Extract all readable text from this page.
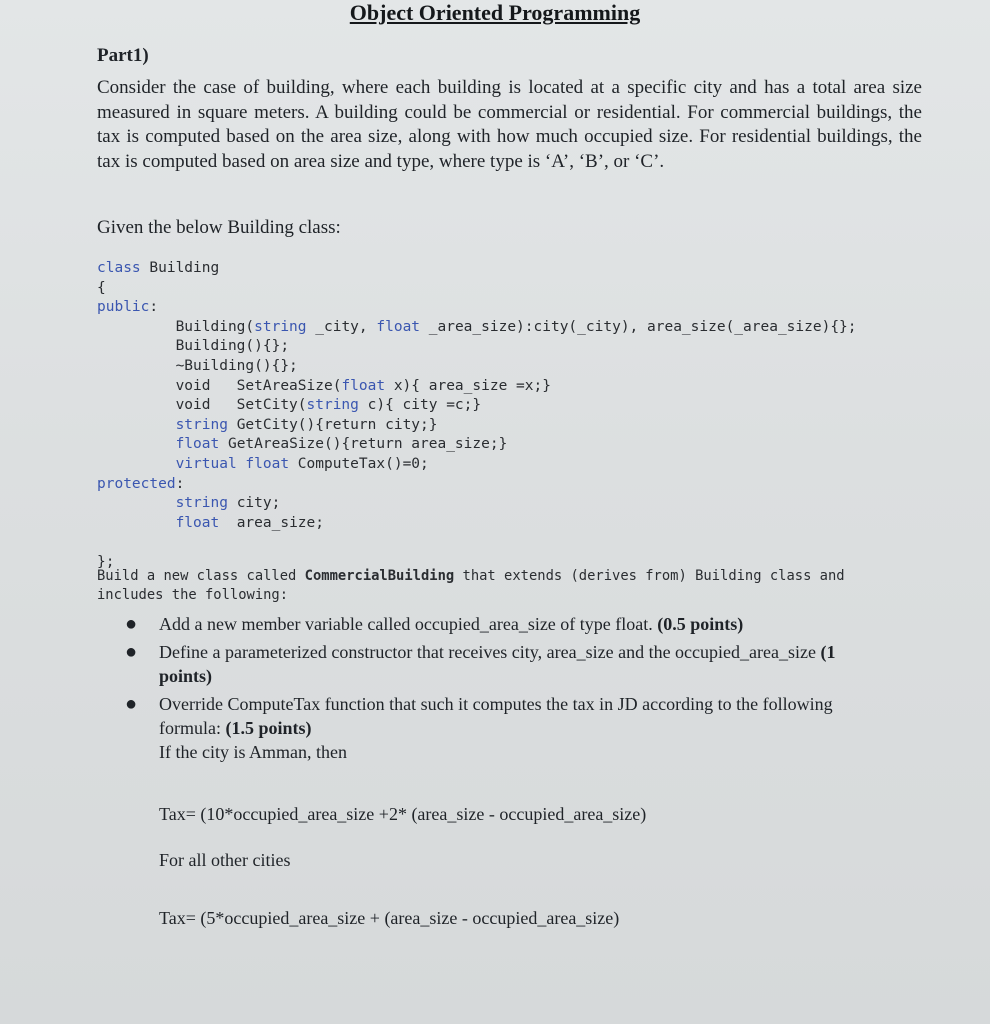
Object Oriented Programming
Part1)
Consider the case of building, where each building is located at a specific city and has a total area size measured in square meters. A building could be commercial or residential. For commercial buildings, the tax is computed based on the area size, along with how much occupied size. For residential buildings, the tax is computed based on area size and type, where type is ‘A’, ‘B’, or ‘C’.
Given the below Building class:
class Building
{
public:
Building(string _city, float _area_size):city(_city), area_size(_area_size){};
Building(){};
~Building(){};
void   SetAreaSize(float x){ area_size =x;}
void   SetCity(string c){ city =c;}
string GetCity(){return city;}
float GetAreaSize(){return area_size;}
virtual float ComputeTax()=0;
protected:
string city;
float  area_size;
};
Build a new class called CommercialBuilding that extends (derives from) Building class and includes the following:
● Add a new member variable called occupied_area_size of type float. (0.5 points)
● Define a parameterized constructor that receives city, area_size and the occupied_area_size (1 points)
● Override ComputeTax function that such it computes the tax in JD according to the following formula: (1.5 points)
If the city is Amman, then
Tax= (10*occupied_area_size +2* (area_size - occupied_area_size)
For all other cities
Tax= (5*occupied_area_size + (area_size - occupied_area_size)
